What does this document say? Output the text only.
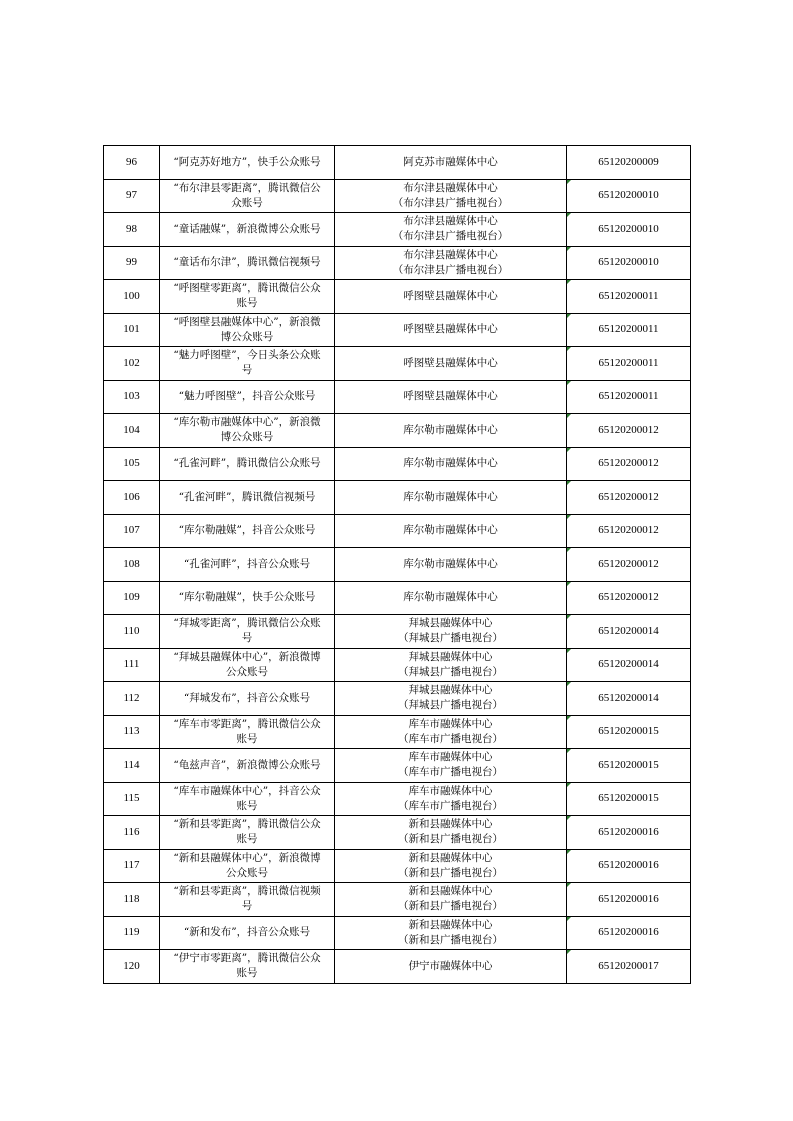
96	“阿克苏好地方”，快手公众账号	阿克苏市融媒体中心	65120200009
97	“布尔津县零距离”，腾讯微信公
众账号	布尔津县融媒体中心
（布尔津县广播电视台）	65120200010
98	“童话融媒”，新浪微博公众账号	布尔津县融媒体中心
（布尔津县广播电视台）	65120200010
99	“童话布尔津”，腾讯微信视频号	布尔津县融媒体中心
（布尔津县广播电视台）	65120200010
100	“呼图壁零距离”，腾讯微信公众
账号	呼图壁县融媒体中心	65120200011
101	“呼图壁县融媒体中心”，新浪微
博公众账号	呼图壁县融媒体中心	65120200011
102	“魅力呼图壁”，今日头条公众账
号	呼图壁县融媒体中心	65120200011
103	“魅力呼图壁”，抖音公众账号	呼图壁县融媒体中心	65120200011
104	“库尔勒市融媒体中心”，新浪微
博公众账号	库尔勒市融媒体中心	65120200012
105	“孔雀河畔”，腾讯微信公众账号	库尔勒市融媒体中心	65120200012
106	“孔雀河畔”，腾讯微信视频号	库尔勒市融媒体中心	65120200012
107	“库尔勒融媒”，抖音公众账号	库尔勒市融媒体中心	65120200012
108	“孔雀河畔”，抖音公众账号	库尔勒市融媒体中心	65120200012
109	“库尔勒融媒”，快手公众账号	库尔勒市融媒体中心	65120200012
110	“拜城零距离”，腾讯微信公众账
号	拜城县融媒体中心
（拜城县广播电视台）	65120200014
111	“拜城县融媒体中心”，新浪微博
公众账号	拜城县融媒体中心
（拜城县广播电视台）	65120200014
112	“拜城发布”，抖音公众账号	拜城县融媒体中心
（拜城县广播电视台）	65120200014
113	“库车市零距离”，腾讯微信公众
账号	库车市融媒体中心
（库车市广播电视台）	65120200015
114	“龟兹声音”，新浪微博公众账号	库车市融媒体中心
（库车市广播电视台）	65120200015
115	“库车市融媒体中心”，抖音公众
账号	库车市融媒体中心
（库车市广播电视台）	65120200015
116	“新和县零距离”，腾讯微信公众
账号	新和县融媒体中心
（新和县广播电视台）	65120200016
117	“新和县融媒体中心”，新浪微博
公众账号	新和县融媒体中心
（新和县广播电视台）	65120200016
118	“新和县零距离”，腾讯微信视频
号	新和县融媒体中心
（新和县广播电视台）	65120200016
119	“新和发布”，抖音公众账号	新和县融媒体中心
（新和县广播电视台）	65120200016
120	“伊宁市零距离”，腾讯微信公众
账号	伊宁市融媒体中心	65120200017
